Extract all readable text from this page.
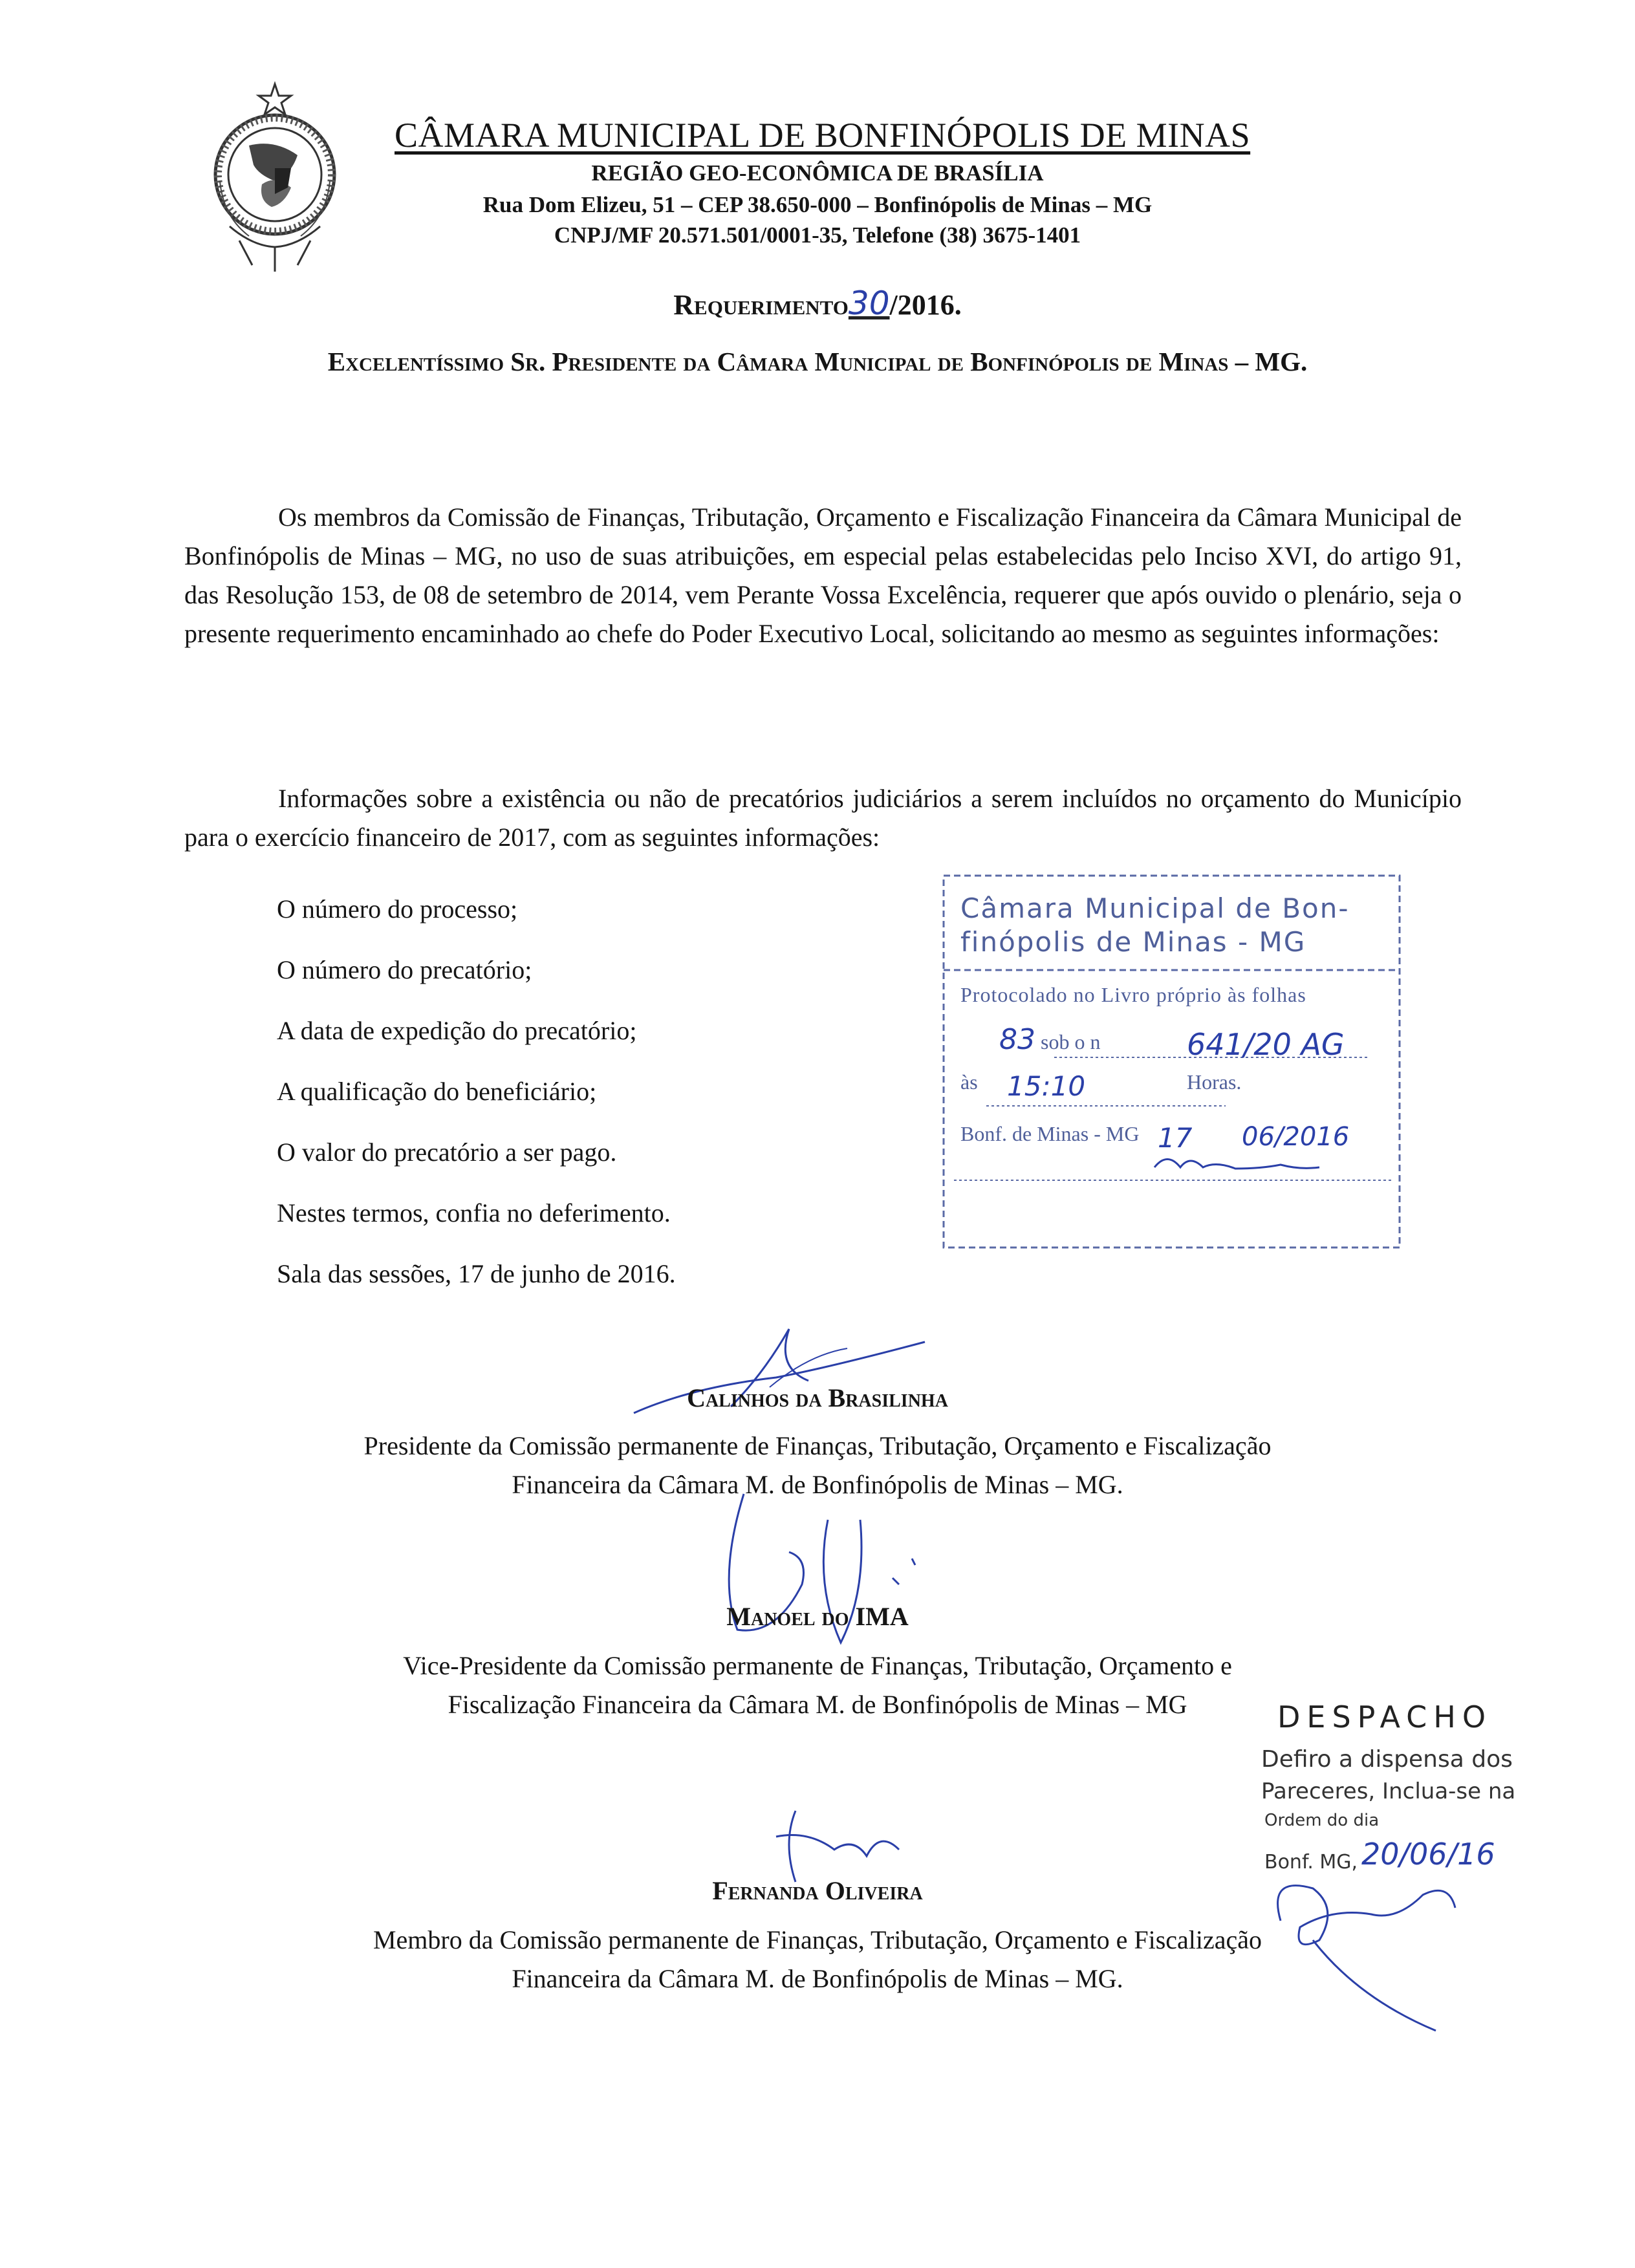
CÂMARA MUNICIPAL DE BONFINÓPOLIS DE MINAS
REGIÃO GEO-ECONÔMICA DE BRASÍLIA
Rua Dom Elizeu, 51 – CEP 38.650-000 – Bonfinópolis de Minas – MG
CNPJ/MF 20.571.501/0001-35, Telefone (38) 3675-1401
Requerimento30/2016.
Excelentíssimo Sr. Presidente da Câmara Municipal de Bonfinópolis de Minas – MG.
Os membros da Comissão de Finanças, Tributação, Orçamento e Fiscalização Financeira da Câmara Municipal de Bonfinópolis de Minas – MG, no uso de suas atribuições, em especial pelas estabelecidas pelo Inciso XVI, do artigo 91, das Resolução 153, de 08 de setembro de 2014, vem Perante Vossa Excelência, requerer que após ouvido o plenário, seja o presente requerimento encaminhado ao chefe do Poder Executivo Local, solicitando ao mesmo as seguintes informações:
Informações sobre a existência ou não de precatórios judiciários a serem incluídos no orçamento do Município para o exercício financeiro de 2017, com as seguintes informações:
O número do processo;
O número do precatório;
A data de expedição do precatório;
A qualificação do beneficiário;
O valor do precatório a ser pago.
Nestes termos, confia no deferimento.
Sala das sessões, 17 de junho de 2016.
Câmara Municipal de Bon-
finópolis de Minas - MG
Protocolado no Livro próprio às folhas
83 sob o n	641/20 AG
às 15:10	Horas.
Bonf. de Minas - MG 17 06/2016
Calinhos da Brasilinha
Presidente da Comissão permanente de Finanças, Tributação, Orçamento e Fiscalização
Financeira da Câmara M. de Bonfinópolis de Minas – MG.
Manoel do IMA
Vice-Presidente da Comissão permanente de Finanças, Tributação, Orçamento e
Fiscalização Financeira da Câmara M. de Bonfinópolis de Minas – MG	DESPACHO
Defiro a dispensa dos
Pareceres, Inclua-se na
Ordem do dia
Bonf. MG, 20/06/16
Fernanda Oliveira
Membro da Comissão permanente de Finanças, Tributação, Orçamento e Fiscalização
Financeira da Câmara M. de Bonfinópolis de Minas – MG.
